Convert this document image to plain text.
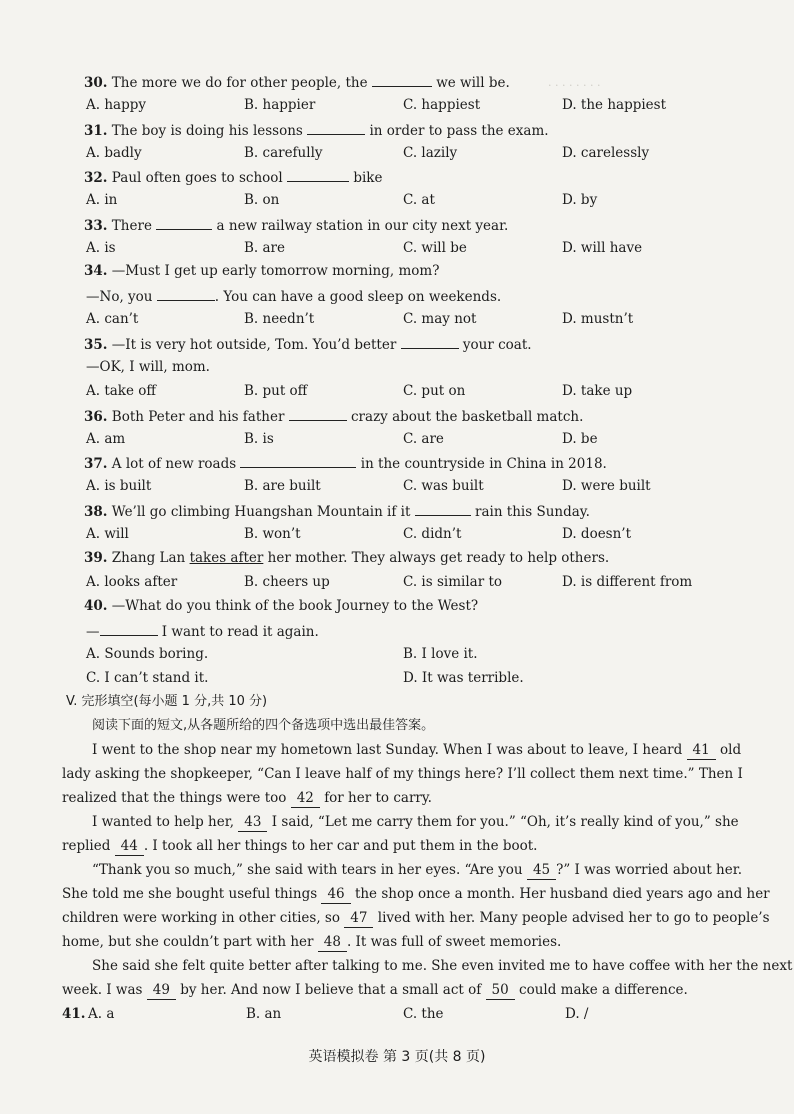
. . . . . . . .
30. The more we do for other people, the	we will be.
A. happy	B. happier	C. happiest	D. the happiest
31. The boy is doing his lessons	in order to pass the exam.
A. badly	B. carefully	C. lazily	D. carelessly
32. Paul often goes to school	bike
A. in	B. on	C. at	D. by
33. There	a new railway station in our city next year.
A. is	B. are	C. will be	D. will have
34. —Must I get up early tomorrow morning, mom?
—No, you	. You can have a good sleep on weekends.
A. can’t	B. needn’t	C. may not	D. mustn’t
35. —It is very hot outside, Tom. You’d better	your coat.
—OK, I will, mom.
A. take off	B. put off	C. put on	D. take up
36. Both Peter and his father	crazy about the basketball match.
A. am	B. is	C. are	D. be
37. A lot of new roads	in the countryside in China in 2018.
A. is built	B. are built	C. was built	D. were built
38. We’ll go climbing Huangshan Mountain if it	rain this Sunday.
A. will	B. won’t	C. didn’t	D. doesn’t
39. Zhang Lan takes after her mother. They always get ready to help others.
A. looks after	B. cheers up	C. is similar to	D. is different from
40. —What do you think of the book Journey to the West?
—	I want to read it again.
A. Sounds boring.	B. I love it.
C. I can’t stand it.	D. It was terrible.
V. 完形填空(每小题 1 分,共 10 分)
阅读下面的短文,从各题所给的四个备选项中选出最佳答案。
I went to the shop near my hometown last Sunday. When I was about to leave, I heard 41 old
lady asking the shopkeeper, “Can I leave half of my things here? I’ll collect them next time.” Then I
realized that the things were too 42 for her to carry.
I wanted to help her, 43 I said, “Let me carry them for you.” “Oh, it’s really kind of you,” she
replied 44 . I took all her things to her car and put them in the boot.
“Thank you so much,” she said with tears in her eyes. “Are you 45 ?” I was worried about her.
She told me she bought useful things 46 the shop once a month. Her husband died years ago and her
children were working in other cities, so 47 lived with her. Many people advised her to go to people’s
home, but she couldn’t part with her 48 . It was full of sweet memories.
She said she felt quite better after talking to me. She even invited me to have coffee with her the next
week. I was 49 by her. And now I believe that a small act of 50 could make a difference.
41. A. a	B. an	C. the	D. /
英语模拟卷 第 3 页(共 8 页)
